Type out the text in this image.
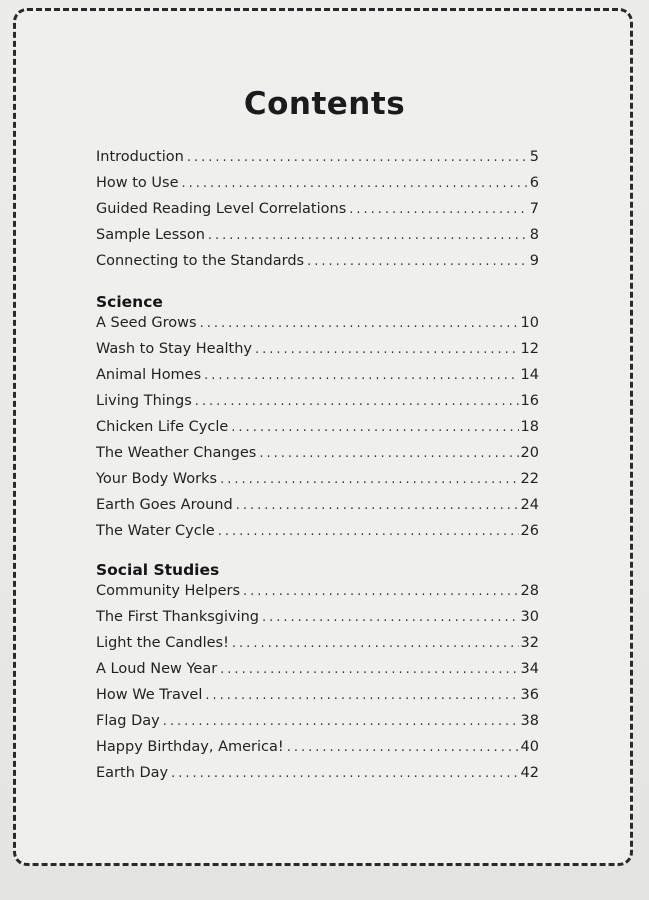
Contents
Introduction .....	5
How to Use .....	6
Guided Reading Level Correlations .....	7
Sample Lesson .....	8
Connecting to the Standards .....	9
Science
A Seed Grows .....	10
Wash to Stay Healthy .....	12
Animal Homes .....	14
Living Things .....	16
Chicken Life Cycle .....	18
The Weather Changes .....	20
Your Body Works .....	22
Earth Goes Around .....	24
The Water Cycle .....	26
Social Studies
Community Helpers .....	28
The First Thanksgiving .....	30
Light the Candles! .....	32
A Loud New Year .....	34
How We Travel .....	36
Flag Day .....	38
Happy Birthday, America! .....	40
Earth Day .....	42
